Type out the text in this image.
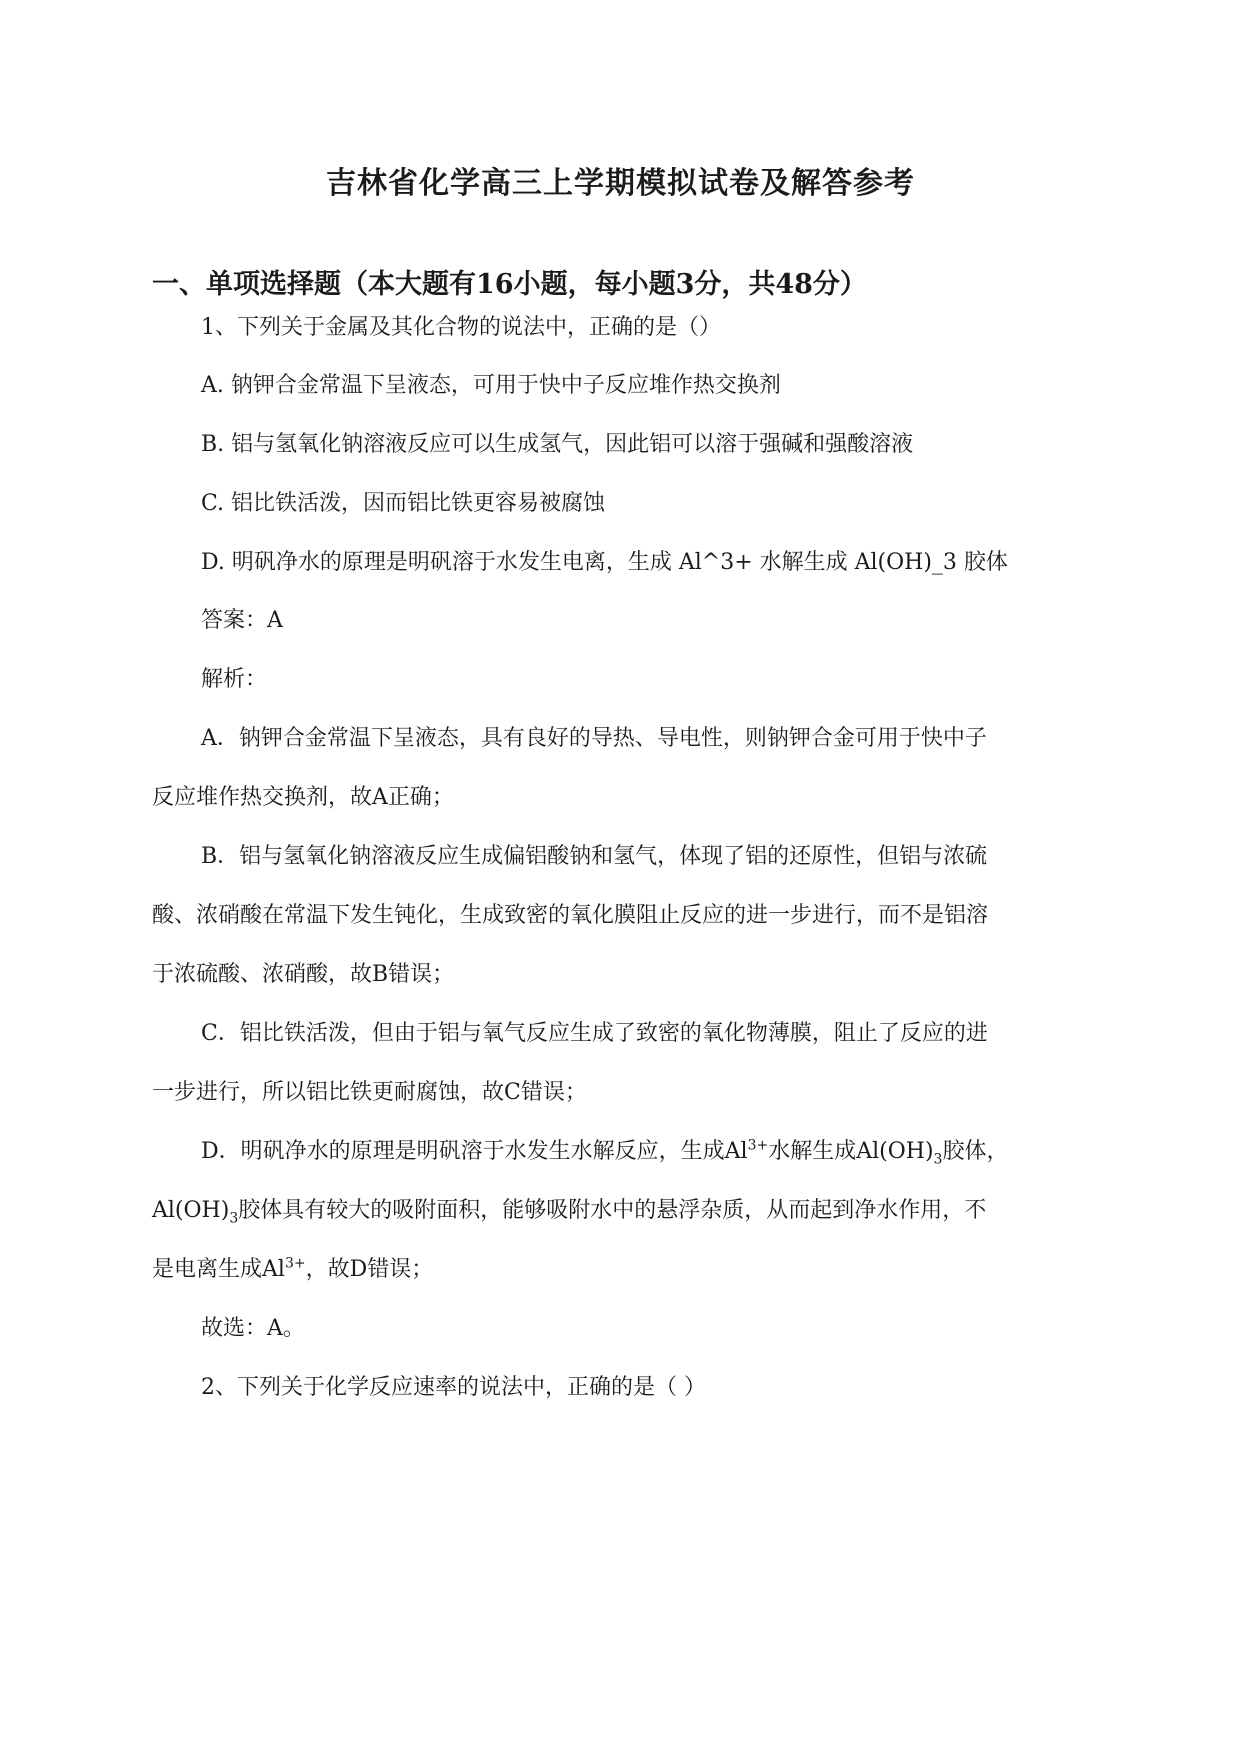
吉林省化学高三上学期模拟试卷及解答参考
一、单项选择题（本大题有16小题，每小题3分，共48分）
1、下列关于金属及其化合物的说法中，正确的是（）
A. 钠钾合金常温下呈液态，可用于快中子反应堆作热交换剂
B. 铝与氢氧化钠溶液反应可以生成氢气，因此铝可以溶于强碱和强酸溶液
C. 铝比铁活泼，因而铝比铁更容易被腐蚀
D. 明矾净水的原理是明矾溶于水发生电离，生成 Al^3+ 水解生成 Al(OH)_3 胶体
答案：A
解析：
A．钠钾合金常温下呈液态，具有良好的导热、导电性，则钠钾合金可用于快中子
反应堆作热交换剂，故A正确；
B．铝与氢氧化钠溶液反应生成偏铝酸钠和氢气，体现了铝的还原性，但铝与浓硫
酸、浓硝酸在常温下发生钝化，生成致密的氧化膜阻止反应的进一步进行，而不是铝溶
于浓硫酸、浓硝酸，故B错误；
C．铝比铁活泼，但由于铝与氧气反应生成了致密的氧化物薄膜，阻止了反应的进
一步进行，所以铝比铁更耐腐蚀，故C错误；
D．明矾净水的原理是明矾溶于水发生水解反应，生成$Al^{3+}$水解生成$Al(OH)_3$胶体，
$Al(OH)_3$胶体具有较大的吸附面积，能够吸附水中的悬浮杂质，从而起到净水作用，不
是电离生成$Al^{3+}$，故D错误；
故选：A。
2、下列关于化学反应速率的说法中，正确的是（ ）
